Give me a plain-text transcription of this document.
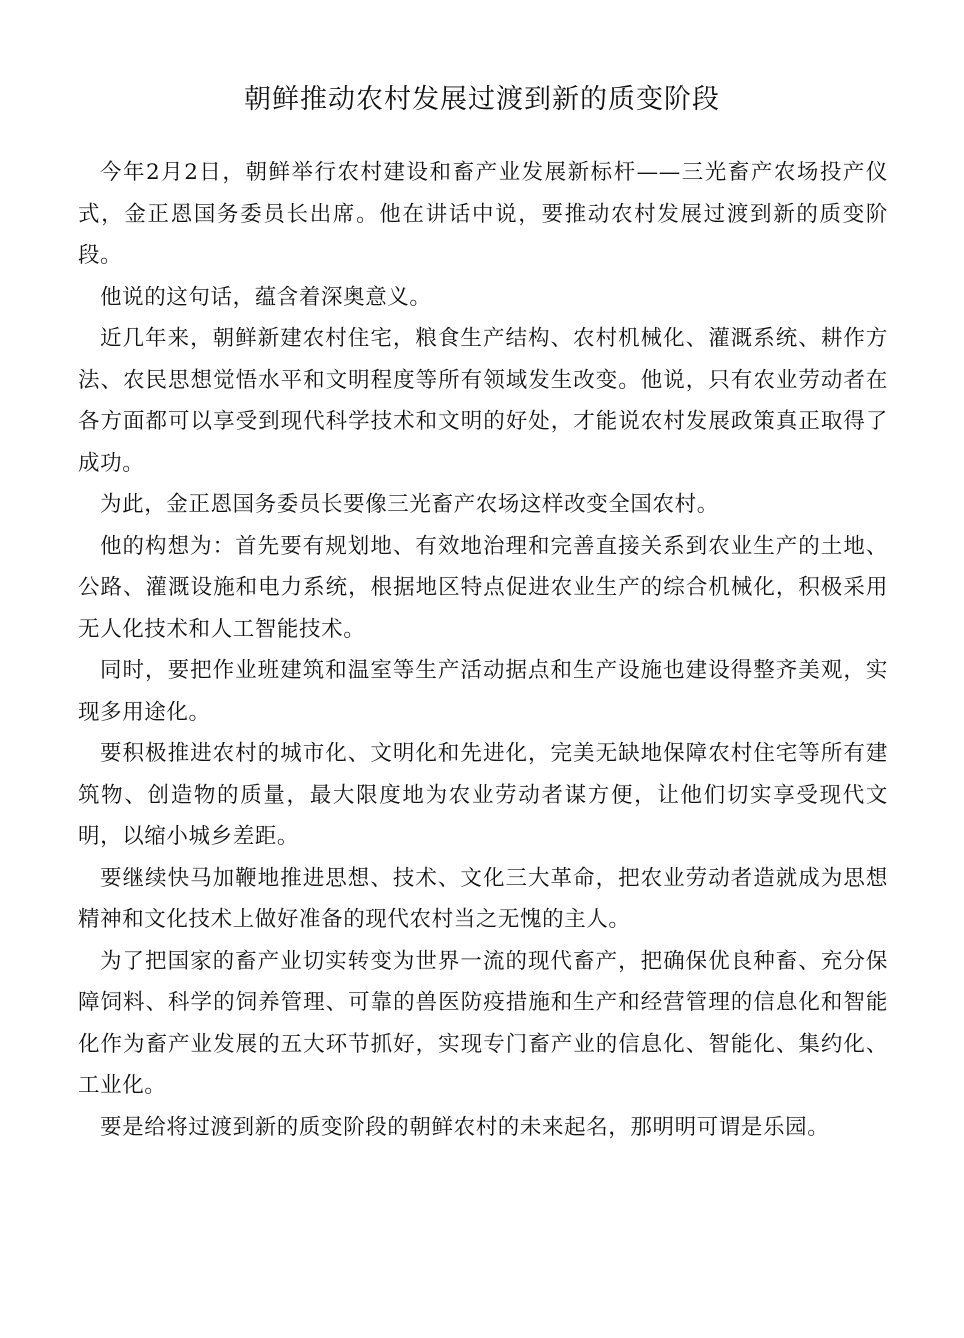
朝鲜推动农村发展过渡到新的质变阶段

今年2月2日，朝鲜举行农村建设和畜产业发展新标杆——三光畜产农场投产仪式，金正恩国务委员长出席。他在讲话中说，要推动农村发展过渡到新的质变阶段。

他说的这句话，蕴含着深奥意义。

近几年来，朝鲜新建农村住宅，粮食生产结构、农村机械化、灌溉系统、耕作方法、农民思想觉悟水平和文明程度等所有领域发生改变。他说，只有农业劳动者在各方面都可以享受到现代科学技术和文明的好处，才能说农村发展政策真正取得了成功。

为此，金正恩国务委员长要像三光畜产农场这样改变全国农村。

他的构想为：首先要有规划地、有效地治理和完善直接关系到农业生产的土地、公路、灌溉设施和电力系统，根据地区特点促进农业生产的综合机械化，积极采用无人化技术和人工智能技术。

同时，要把作业班建筑和温室等生产活动据点和生产设施也建设得整齐美观，实现多用途化。

要积极推进农村的城市化、文明化和先进化，完美无缺地保障农村住宅等所有建筑物、创造物的质量，最大限度地为农业劳动者谋方便，让他们切实享受现代文明，以缩小城乡差距。

要继续快马加鞭地推进思想、技术、文化三大革命，把农业劳动者造就成为思想精神和文化技术上做好准备的现代农村当之无愧的主人。

为了把国家的畜产业切实转变为世界一流的现代畜产，把确保优良种畜、充分保障饲料、科学的饲养管理、可靠的兽医防疫措施和生产和经营管理的信息化和智能化作为畜产业发展的五大环节抓好，实现专门畜产业的信息化、智能化、集约化、工业化。

要是给将过渡到新的质变阶段的朝鲜农村的未来起名，那明明可谓是乐园。
